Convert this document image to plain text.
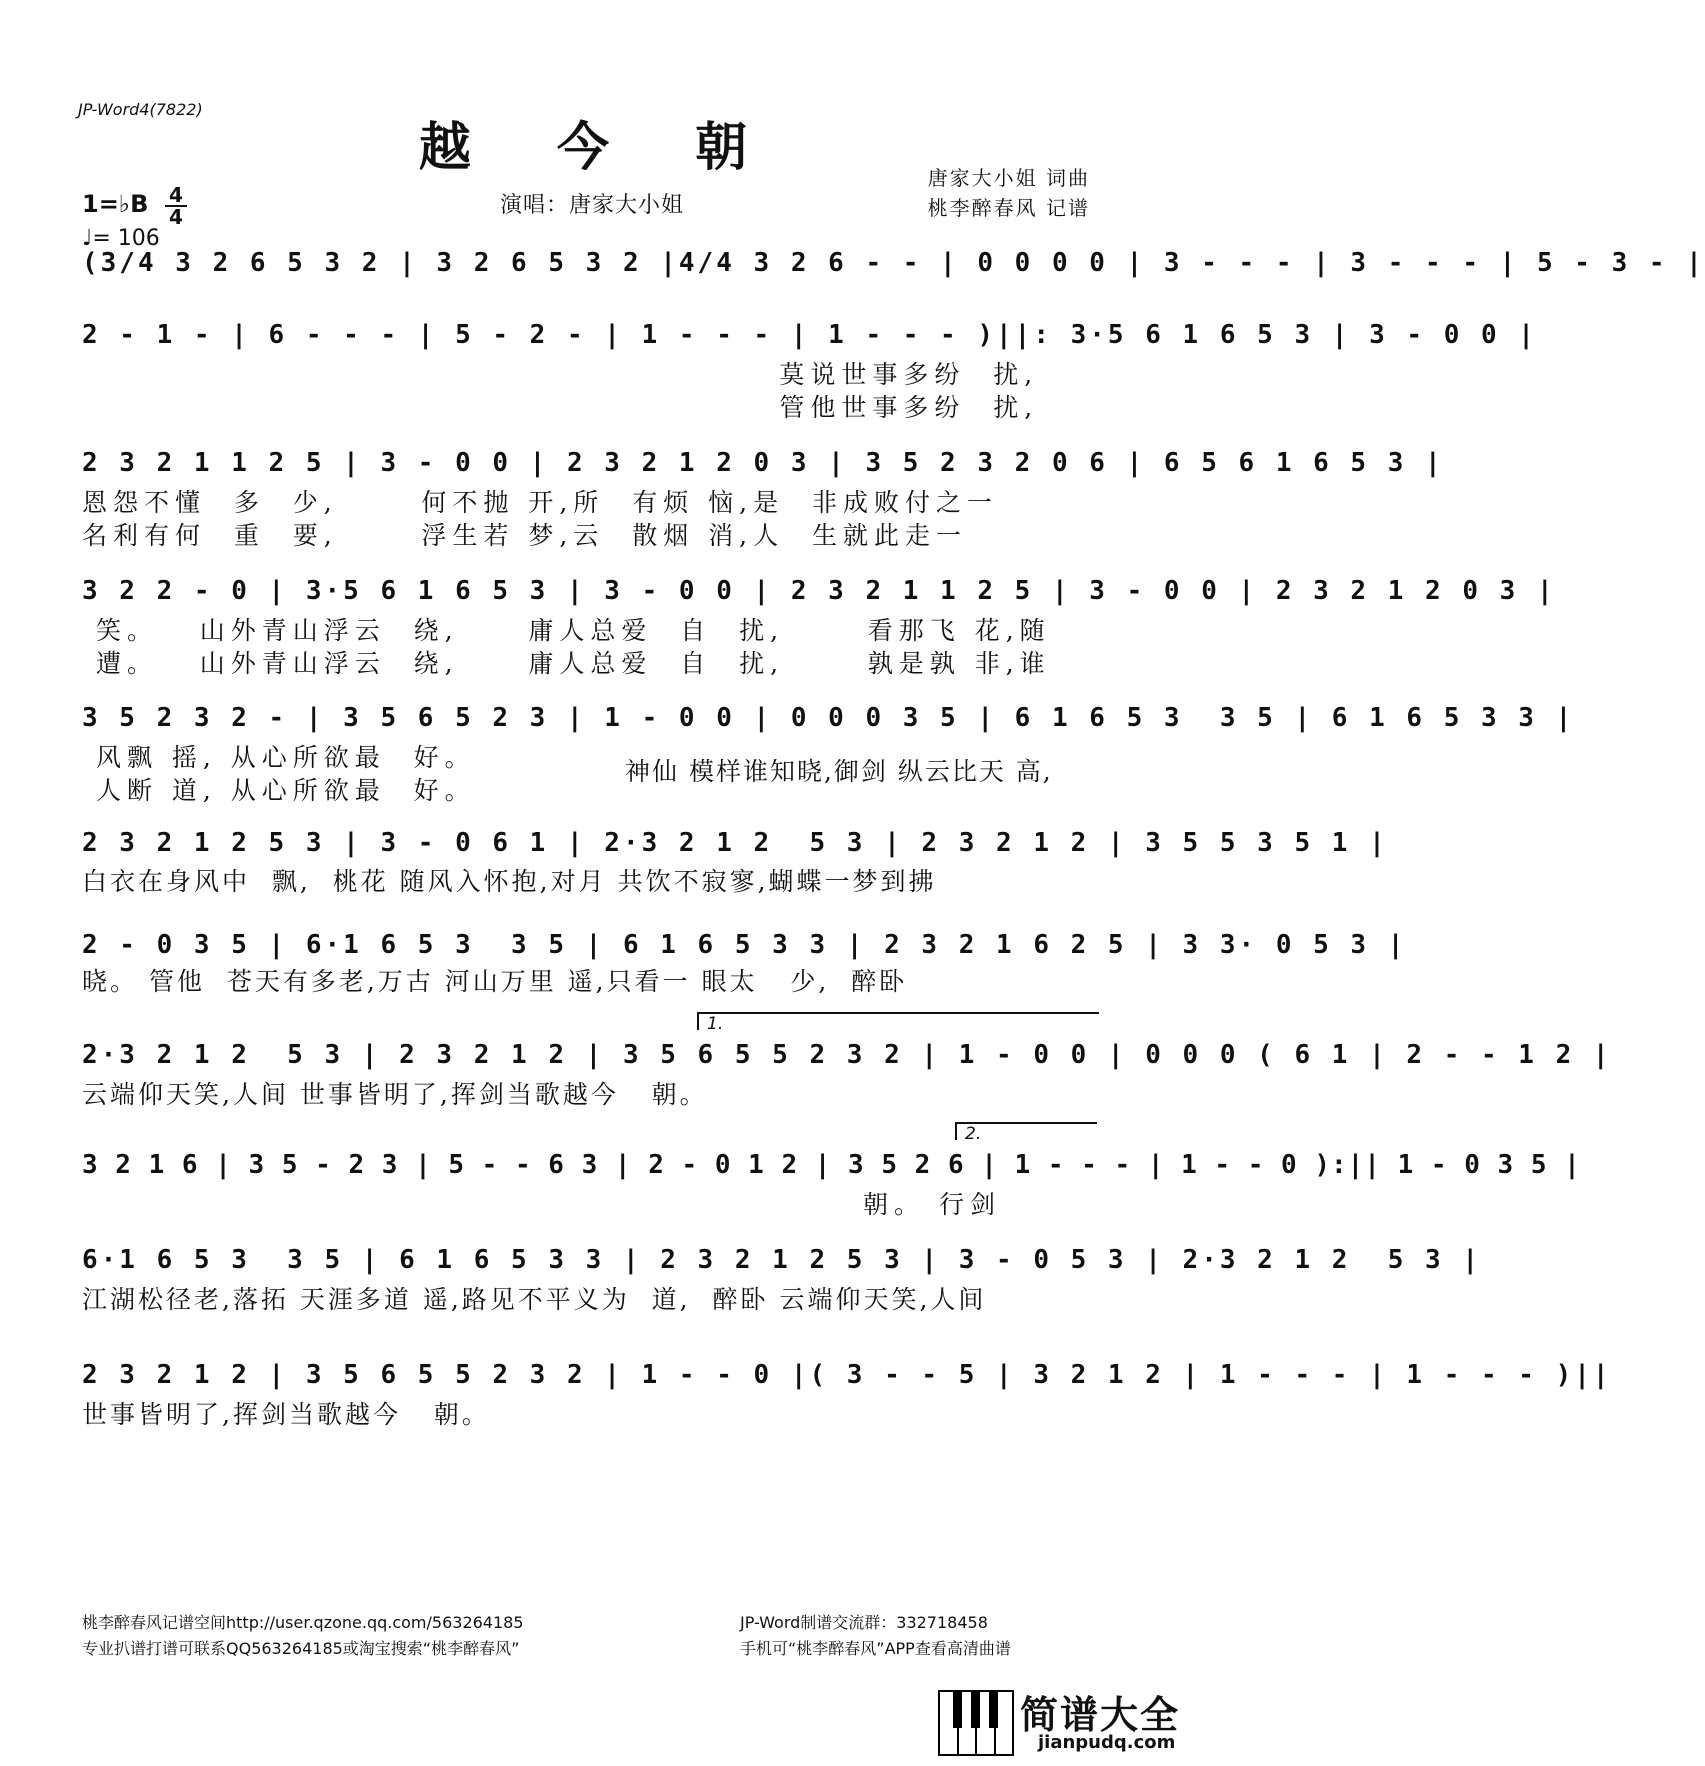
JP-Word4(7822)
越 今 朝	唐家大小姐 词曲
桃李醉春风 记谱
演唱：唐家大小姐
1=♭B 4
4
♩= 106
(3/4 3 2 6 5 3 2 | 3 2 6 5 3 2 |4/4 3 2 6 - - | 0 0 0 0 | 3 - - - | 3 - - - | 5 - 3 - |
2 - 1 - | 6 - - - | 5 - 2 - | 1 - - - | 1 - - - )||: 3·5 6 1 6 5 3 | 3 - 0 0 |
莫说世事多纷  扰,
管他世事多纷  扰,
2 3 2 1 1 2 5 | 3 - 0 0 | 2 3 2 1 2 0 3 | 3 5 2 3 2 0 6 | 6 5 6 1 6 5 3 |
恩怨不懂  多  少,      何不抛 开,所  有烦 恼,是  非成败付之一
名利有何  重  要,      浮生若 梦,云  散烟 消,人  生就此走一
3 2 2 - 0 | 3·5 6 1 6 5 3 | 3 - 0 0 | 2 3 2 1 1 2 5 | 3 - 0 0 | 2 3 2 1 2 0 3 |
笑。   山外青山浮云  绕,     庸人总爱  自  扰,      看那飞 花,随
遭。   山外青山浮云  绕,     庸人总爱  自  扰,      孰是孰 非,谁
3 5 2 3 2 - | 3 5 6 5 2 3 | 1 - 0 0 | 0 0 0 3 5 | 6 1 6 5 3  3 5 | 6 1 6 5 3 3 |
风飘 摇, 从心所欲最  好。
人断 道, 从心所欲最  好。
神仙 模样谁知晓,御剑 纵云比天 高,
2 3 2 1 2 5 3 | 3 - 0 6 1 | 2·3 2 1 2  5 3 | 2 3 2 1 2 | 3 5 5 3 5 1 |
白衣在身风中  飘,  桃花 随风入怀抱,对月 共饮不寂寥,蝴蝶一梦到拂
2 - 0 3 5 | 6·1 6 5 3  3 5 | 6 1 6 5 3 3 | 2 3 2 1 6 2 5 | 3 3· 0 5 3 |
晓。 管他  苍天有多老,万古 河山万里 遥,只看一 眼太   少,  醉卧
1.
2·3 2 1 2  5 3 | 2 3 2 1 2 | 3 5 6 5 5 2 3 2 | 1 - 0 0 | 0 0 0 ( 6 1 | 2 - - 1 2 |
云端仰天笑,人间 世事皆明了,挥剑当歌越今   朝。
2.
3 2 1 6 | 3 5 - 2 3 | 5 - - 6 3 | 2 - 0 1 2 | 3 5 2 6 | 1 - - - | 1 - - 0 ):|| 1 - 0 3 5 |
朝。 行剑
6·1 6 5 3  3 5 | 6 1 6 5 3 3 | 2 3 2 1 2 5 3 | 3 - 0 5 3 | 2·3 2 1 2  5 3 |
江湖松径老,落拓 天涯多道 遥,路见不平义为  道,  醉卧 云端仰天笑,人间
2 3 2 1 2 | 3 5 6 5 5 2 3 2 | 1 - - 0 |( 3 - - 5 | 3 2 1 2 | 1 - - - | 1 - - - )||
世事皆明了,挥剑当歌越今   朝。
桃李醉春风记谱空间http://user.qzone.qq.com/563264185
专业扒谱打谱可联系QQ563264185或淘宝搜索“桃李醉春风”
JP-Word制谱交流群：332718458
手机可“桃李醉春风”APP查看高清曲谱
简谱大全
jianpudq.com
